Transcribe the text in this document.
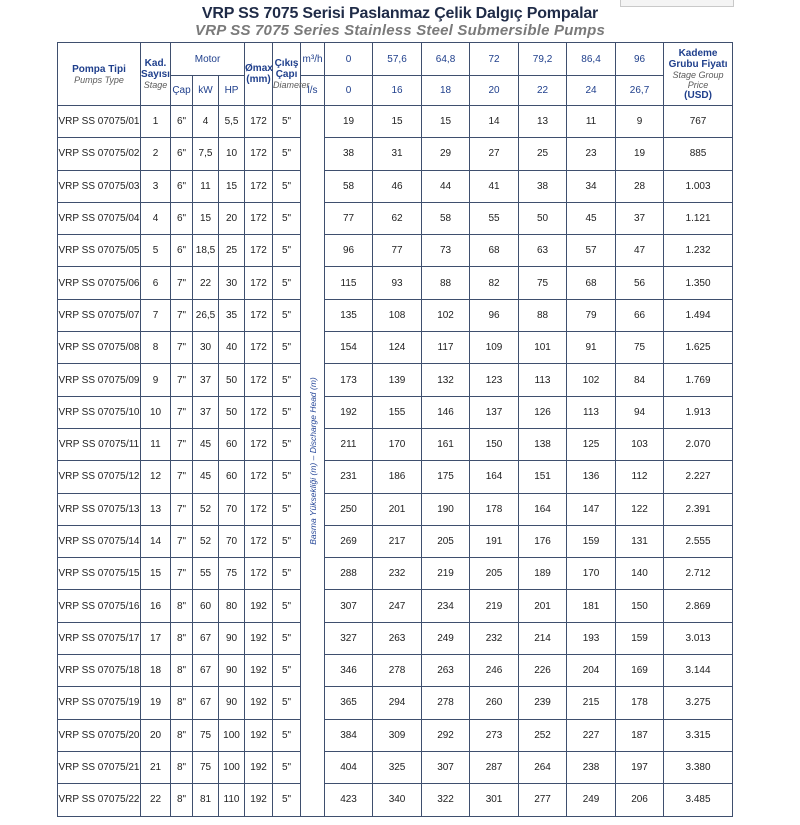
VRP SS 7075 Serisi Paslanmaz Çelik Dalgıç Pompalar
VRP SS 7075 Series Stainless Steel Submersible Pumps
Pompa Tipi
Pumps Type	Kad. Sayısı
Stage	Motor			Ømax
(mm)	Çıkış Çapı
Diameter	m³/h	0	57,6	64,8	72	79,2	86,4	96	Kademe Grubu Fiyatı
Stage Group Price
(USD)

		Çap	kW	HP			l/s	0	16	18	20	22	24	26,7	
VRP SS 07075/01	1	6"	4	5,5	172	5"	Basma Yüksekliği (m) – Discharge Head (m)	19	15	15	14	13	11	9	767
VRP SS 07075/02	2	6"	7,5	10	172	5"		38	31	29	27	25	23	19	885
VRP SS 07075/03	3	6"	11	15	172	5"		58	46	44	41	38	34	28	1.003
VRP SS 07075/04	4	6"	15	20	172	5"		77	62	58	55	50	45	37	1.121
VRP SS 07075/05	5	6"	18,5	25	172	5"		96	77	73	68	63	57	47	1.232
VRP SS 07075/06	6	7"	22	30	172	5"		115	93	88	82	75	68	56	1.350
VRP SS 07075/07	7	7"	26,5	35	172	5"		135	108	102	96	88	79	66	1.494
VRP SS 07075/08	8	7"	30	40	172	5"		154	124	117	109	101	91	75	1.625
VRP SS 07075/09	9	7"	37	50	172	5"		173	139	132	123	113	102	84	1.769
VRP SS 07075/10	10	7"	37	50	172	5"		192	155	146	137	126	113	94	1.913
VRP SS 07075/11	11	7"	45	60	172	5"		211	170	161	150	138	125	103	2.070
VRP SS 07075/12	12	7"	45	60	172	5"		231	186	175	164	151	136	112	2.227
VRP SS 07075/13	13	7"	52	70	172	5"		250	201	190	178	164	147	122	2.391
VRP SS 07075/14	14	7"	52	70	172	5"		269	217	205	191	176	159	131	2.555
VRP SS 07075/15	15	7"	55	75	172	5"		288	232	219	205	189	170	140	2.712
VRP SS 07075/16	16	8"	60	80	192	5"		307	247	234	219	201	181	150	2.869
VRP SS 07075/17	17	8"	67	90	192	5"		327	263	249	232	214	193	159	3.013
VRP SS 07075/18	18	8"	67	90	192	5"		346	278	263	246	226	204	169	3.144
VRP SS 07075/19	19	8"	67	90	192	5"		365	294	278	260	239	215	178	3.275
VRP SS 07075/20	20	8"	75	100	192	5"		384	309	292	273	252	227	187	3.315
VRP SS 07075/21	21	8"	75	100	192	5"		404	325	307	287	264	238	197	3.380
VRP SS 07075/22	22	8"	81	110	192	5"		423	340	322	301	277	249	206	3.485
